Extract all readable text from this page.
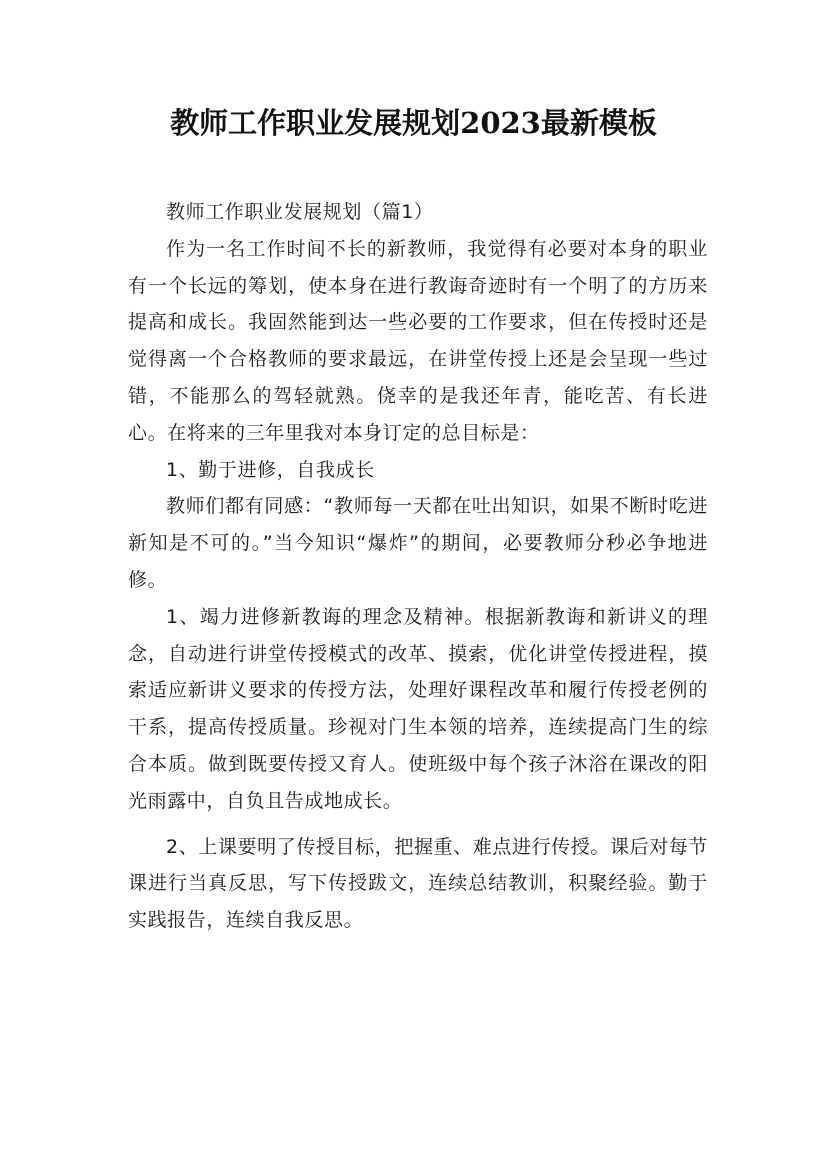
教师工作职业发展规划2023最新模板

教师工作职业发展规划（篇1）

作为一名工作时间不长的新教师，我觉得有必要对本身的职业有一个长远的筹划，使本身在进行教诲奇迹时有一个明了的方历来提高和成长。我固然能到达一些必要的工作要求，但在传授时还是觉得离一个合格教师的要求最远，在讲堂传授上还是会呈现一些过错，不能那么的驾轻就熟。侥幸的是我还年青，能吃苦、有长进心。在将来的三年里我对本身订定的总目标是：

1、勤于进修，自我成长

教师们都有同感：“教师每一天都在吐出知识，如果不断时吃进新知是不可的。”当今知识“爆炸”的期间，必要教师分秒必争地进修。

1、竭力进修新教诲的理念及精神。根据新教诲和新讲义的理念，自动进行讲堂传授模式的改革、摸索，优化讲堂传授进程，摸索适应新讲义要求的传授方法，处理好课程改革和履行传授老例的干系，提高传授质量。珍视对门生本领的培养，连续提高门生的综合本质。做到既要传授又育人。使班级中每个孩子沐浴在课改的阳光雨露中，自负且告成地成长。

2、上课要明了传授目标，把握重、难点进行传授。课后对每节课进行当真反思，写下传授跋文，连续总结教训，积聚经验。勤于实践报告，连续自我反思。
